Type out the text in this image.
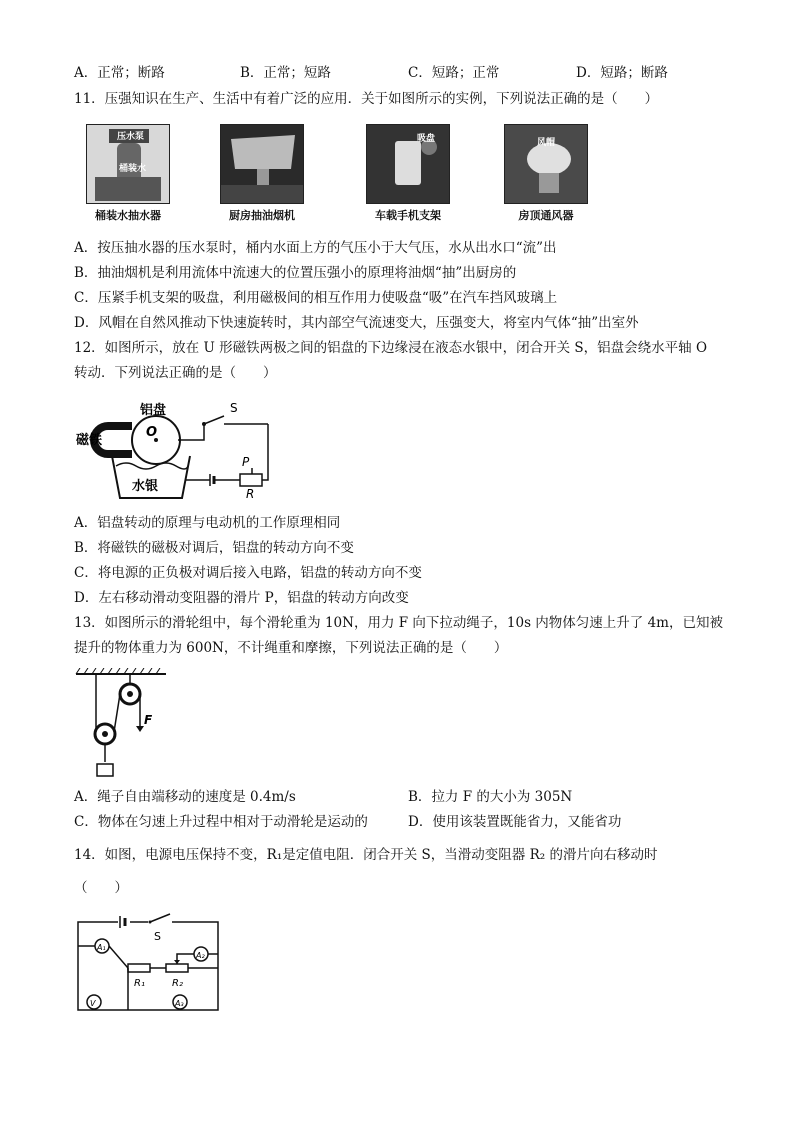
A．正常；断路	B．正常；短路	C．短路；正常	D．短路；断路
11．压强知识在生产、生活中有着广泛的应用．关于如图所示的实例，下列说法正确的是（　　）
压水泵
桶装水
桶装水抽水器	厨房抽油烟机
吸盘
车载手机支架
风帽
房顶通风器
A．按压抽水器的压水泵时，桶内水面上方的气压小于大气压，水从出水口“流”出
B．抽油烟机是利用流体中流速大的位置压强小的原理将油烟“抽”出厨房的
C．压紧手机支架的吸盘，利用磁极间的相互作用力使吸盘“吸”在汽车挡风玻璃上
D．风帽在自然风推动下快速旋转时，其内部空气流速变大，压强变大，将室内气体“抽”出室外
12．如图所示，放在 U 形磁铁两极之间的铝盘的下边缘浸在液态水银中，闭合开关 S，铝盘会绕水平轴 O
转动．下列说法正确的是（　　）
O
铝盘
磁铁
水银
S
P
R
A．铝盘转动的原理与电动机的工作原理相同
B．将磁铁的磁极对调后，铝盘的转动方向不变
C．将电源的正负极对调后接入电路，铝盘的转动方向不变
D．左右移动滑动变阻器的滑片 P，铝盘的转动方向改变
13．如图所示的滑轮组中，每个滑轮重为 10N，用力 F 向下拉动绳子，10s 内物体匀速上升了 4m，已知被
提升的物体重力为 600N，不计绳重和摩擦，下列说法正确的是（　　）
F
A．绳子自由端移动的速度是 0.4m/s	B．拉力 F 的大小为 305N
C．物体在匀速上升过程中相对于动滑轮是运动的	D．使用该装置既能省力，又能省功
14．如图，电源电压保持不变，R₁是定值电阻．闭合开关 S，当滑动变阻器 R₂ 的滑片向右移动时
（　　）
S
A₁
R₁	R₂
A₂
V	A₃
